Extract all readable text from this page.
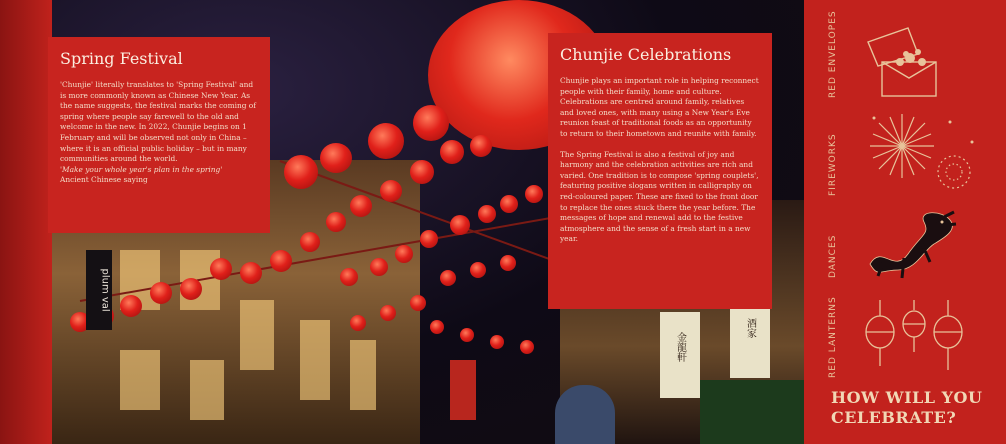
plum val
金龍軒
酒家
Spring Festival

'Chunjie' literally translates to 'Spring Festival' and is more commonly known as Chinese New Year. As the name suggests, the festival marks the coming of spring where people say farewell to the old and welcome in the new. In 2022, Chunjie begins on 1 February and will be observed not only in China – where it is an official public holiday – but in many communities around the world.

'Make your whole year's plan in the spring'

Ancient Chinese saying

Chunjie Celebrations

Chunjie plays an important role in helping reconnect people with their family, home and culture. Celebrations are centred around family, relatives and loved ones, with many using a New Year's Eve reunion feast of traditional foods as an opportunity to return to their hometown and reunite with family.

The Spring Festival is also a festival of joy and harmony and the celebration activities are rich and varied. One tradition is to compose 'spring couplets', featuring positive slogans written in calligraphy on red-coloured paper. These are fixed to the front door to replace the ones stuck there the year before. The messages of hope and renewal add to the festive atmosphere and the sense of a fresh start in a new year.

RED ENVELOPES
FIREWORKS
DANCES
RED LANTERNS
HOW WILL YOU
CELEBRATE?
